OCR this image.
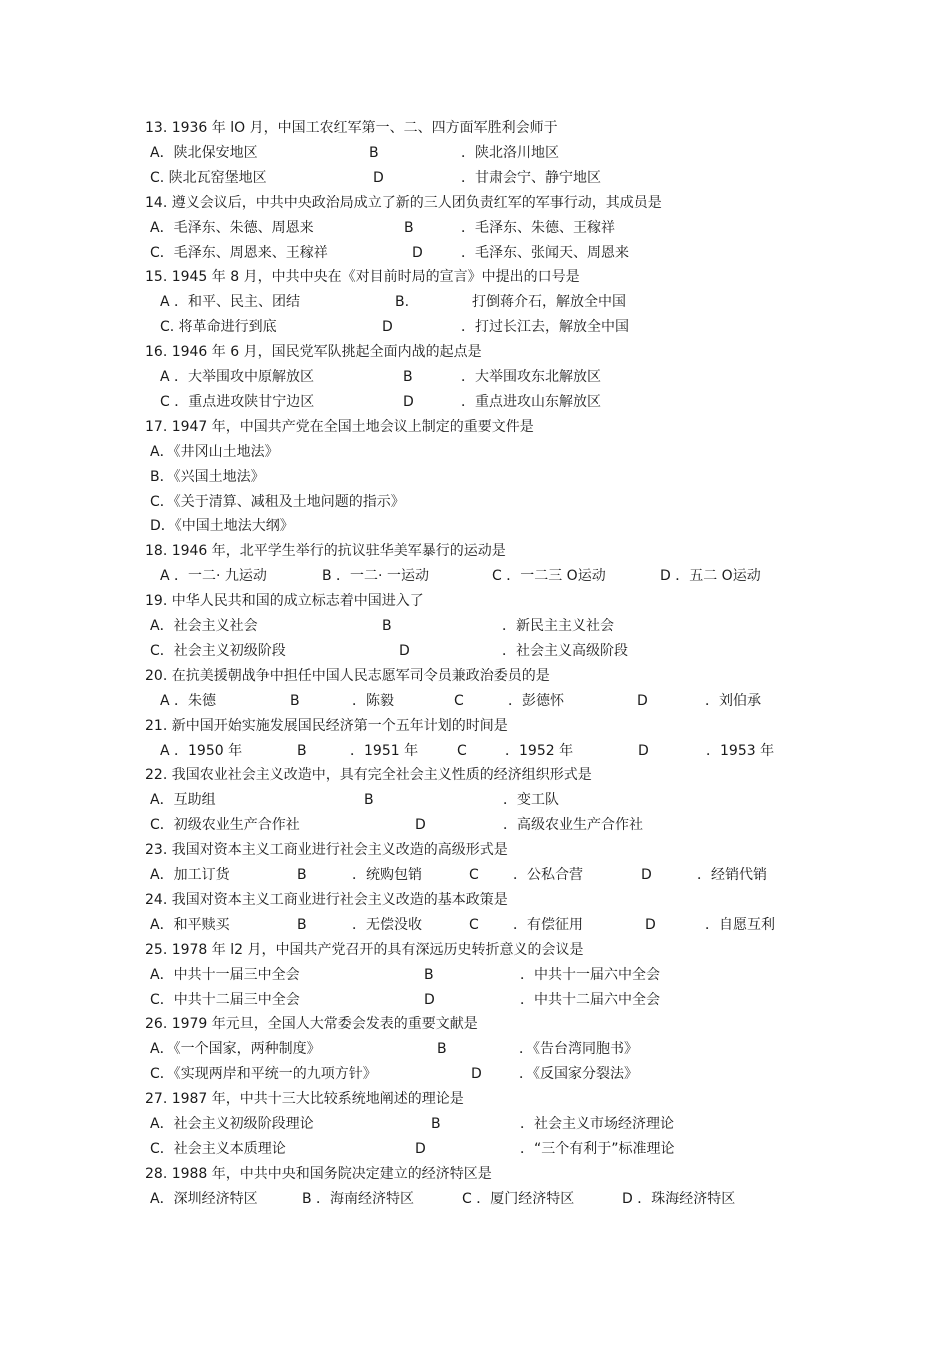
13. 1936 年 lO 月，中国工农红军第一、二、四方面军胜利会师于
A．陕北保安地区	B	．陕北洛川地区
C. 陕北瓦窑堡地区	D	．甘肃会宁、静宁地区
14. 遵义会议后，中共中央政治局成立了新的三人团负责红军的军事行动，其成员是
A．毛泽东、朱德、周恩来	B	．毛泽东、朱德、王稼祥
C．毛泽东、周恩来、王稼祥	D	．毛泽东、张闻天、周恩来
15. 1945 年 8 月，中共中央在《对目前时局的宣言》中提出的口号是
A ．和平、民主、团结	B.	打倒蒋介石，解放全中国
C. 将革命进行到底	D	．打过长江去，解放全中国
16. 1946 年 6 月，国民党军队挑起全面内战的起点是
A ．大举围攻中原解放区	B	．大举围攻东北解放区
C ．重点进攻陕甘宁边区	D	．重点进攻山东解放区
17. 1947 年，中国共产党在全国土地会议上制定的重要文件是
A．《井冈山土地法》
B．《兴国土地法》
C．《关于清算、减租及土地问题的指示》
D．《中国土地法大纲》
18. 1946 年，北平学生举行的抗议驻华美军暴行的运动是
A ．一二· 九运动	B ．一二· 一运动	C ．一二三 O运动	D ．五二 O运动
19. 中华人民共和国的成立标志着中国进入了
A．社会主义社会	B	．新民主主义社会
C．社会主义初级阶段	D	．社会主义高级阶段
20. 在抗美援朝战争中担任中国人民志愿军司令员兼政治委员的是
A ．朱德	B	．陈毅	C	．彭德怀	D	．刘伯承
21. 新中国开始实施发展国民经济第一个五年计划的时间是
A ．1950 年	B	．1951 年	C	．1952 年	D	．1953 年
22. 我国农业社会主义改造中，具有完全社会主义性质的经济组织形式是
A．互助组	B	．变工队
C．初级农业生产合作社	D	．高级农业生产合作社
23. 我国对资本主义工商业进行社会主义改造的高级形式是
A．加工订货	B	．统购包销	C ．公私合营	D	．经销代销
24. 我国对资本主义工商业进行社会主义改造的基本政策是
A．和平赎买	B	．无偿没收	C ．有偿征用	D	．自愿互利
25. 1978 年 l2 月，中国共产党召开的具有深远历史转折意义的会议是
A．中共十一届三中全会	B	．中共十一届六中全会
C．中共十二届三中全会	D	．中共十二届六中全会
26. 1979 年元旦，全国人大常委会发表的重要文献是
A．《一个国家，两种制度》	B	．《告台湾同胞书》
C．《实现两岸和平统一的九项方针》	D	．《反国家分裂法》
27. 1987 年，中共十三大比较系统地阐述的理论是
A．社会主义初级阶段理论	B	．社会主义市场经济理论
C．社会主义本质理论	D	．“三个有利于”标准理论
28. 1988 年，中共中央和国务院决定建立的经济特区是
A．深圳经济特区	B ．海南经济特区	C ．厦门经济特区	D ．珠海经济特区
